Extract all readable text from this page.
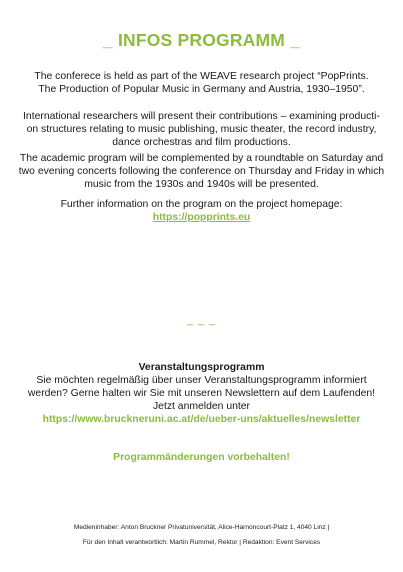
_ INFOS PROGRAMM _
The conferece is held as part of the WEAVE research project “PopPrints.
The Production of Popular Music in Germany and Austria, 1930–1950”.
International researchers will present their contributions – examining producti-
on structures relating to music publishing, music theater, the record industry,
dance orchestras and film productions.
The academic program will be complemented by a roundtable on Saturday and
two evening concerts following the conference on Thursday and Friday in which
music from the 1930s and 1940s will be presented.
Further information on the program on the project homepage:
https://popprints.eu
_ _ _
Veranstaltungsprogramm
Sie möchten regelmäßig über unser Veranstaltungsprogramm informiert
werden? Gerne halten wir Sie mit unseren Newslettern auf dem Laufenden!
Jetzt anmelden unter
https://www.bruckneruni.ac.at/de/ueber-uns/aktuelles/newsletter
Programmänderungen vorbehalten!
Medieninhaber: Anton Bruckner Privatuniversität, Alice-Harnoncourt-Platz 1, 4040 Linz |
Für den Inhalt verantwortlich: Martin Rummel, Rektor | Redaktion: Event Services
